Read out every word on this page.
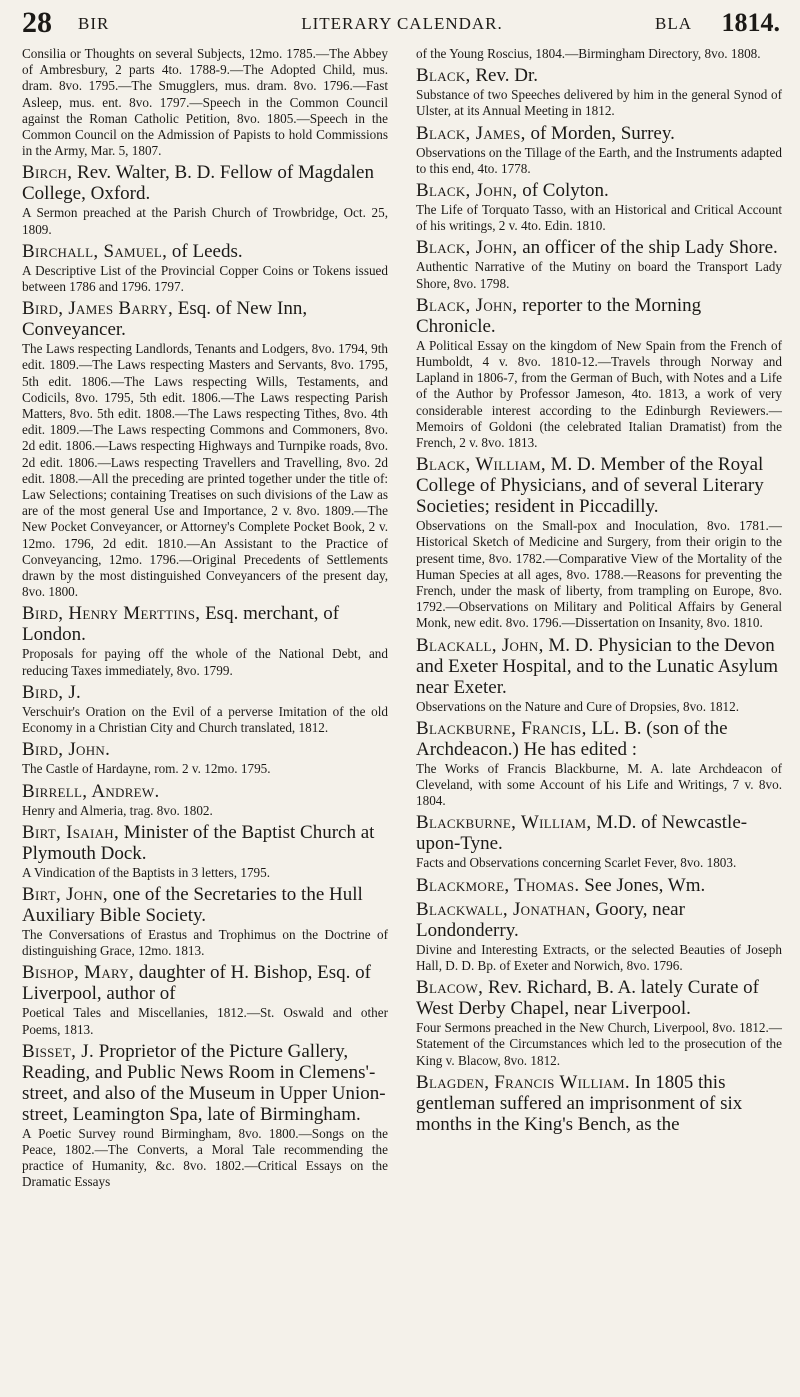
28 BIR	LITERARY CALENDAR.	BLA 1814.

Consilia or Thoughts on several Subjects, 12mo. 1785.—The Abbey of Ambresbury, 2 parts 4to. 1788-9.—The Adopted Child, mus. dram. 8vo. 1795.—The Smugglers, mus. dram. 8vo. 1796.—Fast Asleep, mus. ent. 8vo. 1797.—Speech in the Common Council against the Roman Catholic Petition, 8vo. 1805.—Speech in the Common Council on the Admission of Papists to hold Commissions in the Army, Mar. 5, 1807.

Birch, Rev. Walter, B. D. Fellow of Magdalen College, Oxford.

A Sermon preached at the Parish Church of Trowbridge, Oct. 25, 1809.

Birchall, Samuel, of Leeds.

A Descriptive List of the Provincial Copper Coins or Tokens issued between 1786 and 1796. 1797.

Bird, James Barry, Esq. of New Inn, Conveyancer.

The Laws respecting Landlords, Tenants and Lodgers, 8vo. 1794, 9th edit. 1809.—The Laws respecting Masters and Servants, 8vo. 1795, 5th edit. 1806.—The Laws respecting Wills, Testaments, and Codicils, 8vo. 1795, 5th edit. 1806.—The Laws respecting Parish Matters, 8vo. 5th edit. 1808.—The Laws respecting Tithes, 8vo. 4th edit. 1809.—The Laws respecting Commons and Commoners, 8vo. 2d edit. 1806.—Laws respecting Highways and Turnpike roads, 8vo. 2d edit. 1806.—Laws respecting Travellers and Travelling, 8vo. 2d edit. 1808.—All the preceding are printed together under the title of: Law Selections; containing Treatises on such divisions of the Law as are of the most general Use and Importance, 2 v. 8vo. 1809.—The New Pocket Conveyancer, or Attorney's Complete Pocket Book, 2 v. 12mo. 1796, 2d edit. 1810.—An Assistant to the Practice of Conveyancing, 12mo. 1796.—Original Precedents of Settlements drawn by the most distinguished Conveyancers of the present day, 8vo. 1800.

Bird, Henry Merttins, Esq. merchant, of London.

Proposals for paying off the whole of the National Debt, and reducing Taxes immediately, 8vo. 1799.

Bird, J.

Verschuir's Oration on the Evil of a perverse Imitation of the old Economy in a Christian City and Church translated, 1812.

Bird, John.

The Castle of Hardayne, rom. 2 v. 12mo. 1795.

Birrell, Andrew.

Henry and Almeria, trag. 8vo. 1802.

Birt, Isaiah, Minister of the Baptist Church at Plymouth Dock.

A Vindication of the Baptists in 3 letters, 1795.

Birt, John, one of the Secretaries to the Hull Auxiliary Bible Society.

The Conversations of Erastus and Trophimus on the Doctrine of distinguishing Grace, 12mo. 1813.

Bishop, Mary, daughter of H. Bishop, Esq. of Liverpool, author of

Poetical Tales and Miscellanies, 1812.—St. Oswald and other Poems, 1813.

Bisset, J. Proprietor of the Picture Gallery, Reading, and Public News Room in Clemens'-street, and also of the Museum in Upper Union-street, Leamington Spa, late of Birmingham.

A Poetic Survey round Birmingham, 8vo. 1800.—Songs on the Peace, 1802.—The Converts, a Moral Tale recommending the practice of Humanity, &c. 8vo. 1802.—Critical Essays on the Dramatic Essays

of the Young Roscius, 1804.—Birmingham Directory, 8vo. 1808.

Black, Rev. Dr.

Substance of two Speeches delivered by him in the general Synod of Ulster, at its Annual Meeting in 1812.

Black, James, of Morden, Surrey.

Observations on the Tillage of the Earth, and the Instruments adapted to this end, 4to. 1778.

Black, John, of Colyton.

The Life of Torquato Tasso, with an Historical and Critical Account of his writings, 2 v. 4to. Edin. 1810.

Black, John, an officer of the ship Lady Shore.

Authentic Narrative of the Mutiny on board the Transport Lady Shore, 8vo. 1798.

Black, John, reporter to the Morning Chronicle.

A Political Essay on the kingdom of New Spain from the French of Humboldt, 4 v. 8vo. 1810-12.—Travels through Norway and Lapland in 1806-7, from the German of Buch, with Notes and a Life of the Author by Professor Jameson, 4to. 1813, a work of very considerable interest according to the Edinburgh Reviewers.—Memoirs of Goldoni (the celebrated Italian Dramatist) from the French, 2 v. 8vo. 1813.

Black, William, M. D. Member of the Royal College of Physicians, and of several Literary Societies; resident in Piccadilly.

Observations on the Small-pox and Inoculation, 8vo. 1781.—Historical Sketch of Medicine and Surgery, from their origin to the present time, 8vo. 1782.—Comparative View of the Mortality of the Human Species at all ages, 8vo. 1788.—Reasons for preventing the French, under the mask of liberty, from trampling on Europe, 8vo. 1792.—Observations on Military and Political Affairs by General Monk, new edit. 8vo. 1796.—Dissertation on Insanity, 8vo. 1810.

Blackall, John, M. D. Physician to the Devon and Exeter Hospital, and to the Lunatic Asylum near Exeter.

Observations on the Nature and Cure of Dropsies, 8vo. 1812.

Blackburne, Francis, LL. B. (son of the Archdeacon.) He has edited :

The Works of Francis Blackburne, M. A. late Archdeacon of Cleveland, with some Account of his Life and Writings, 7 v. 8vo. 1804.

Blackburne, William, M.D. of Newcastle-upon-Tyne.

Facts and Observations concerning Scarlet Fever, 8vo. 1803.

Blackmore, Thomas. See Jones, Wm.
Blackwall, Jonathan, Goory, near Londonderry.

Divine and Interesting Extracts, or the selected Beauties of Joseph Hall, D. D. Bp. of Exeter and Norwich, 8vo. 1796.

Blacow, Rev. Richard, B. A. lately Curate of West Derby Chapel, near Liverpool.

Four Sermons preached in the New Church, Liverpool, 8vo. 1812.—Statement of the Circumstances which led to the prosecution of the King v. Blacow, 8vo. 1812.

Blagden, Francis William. In 1805 this gentleman suffered an imprisonment of six months in the King's Bench, as the
